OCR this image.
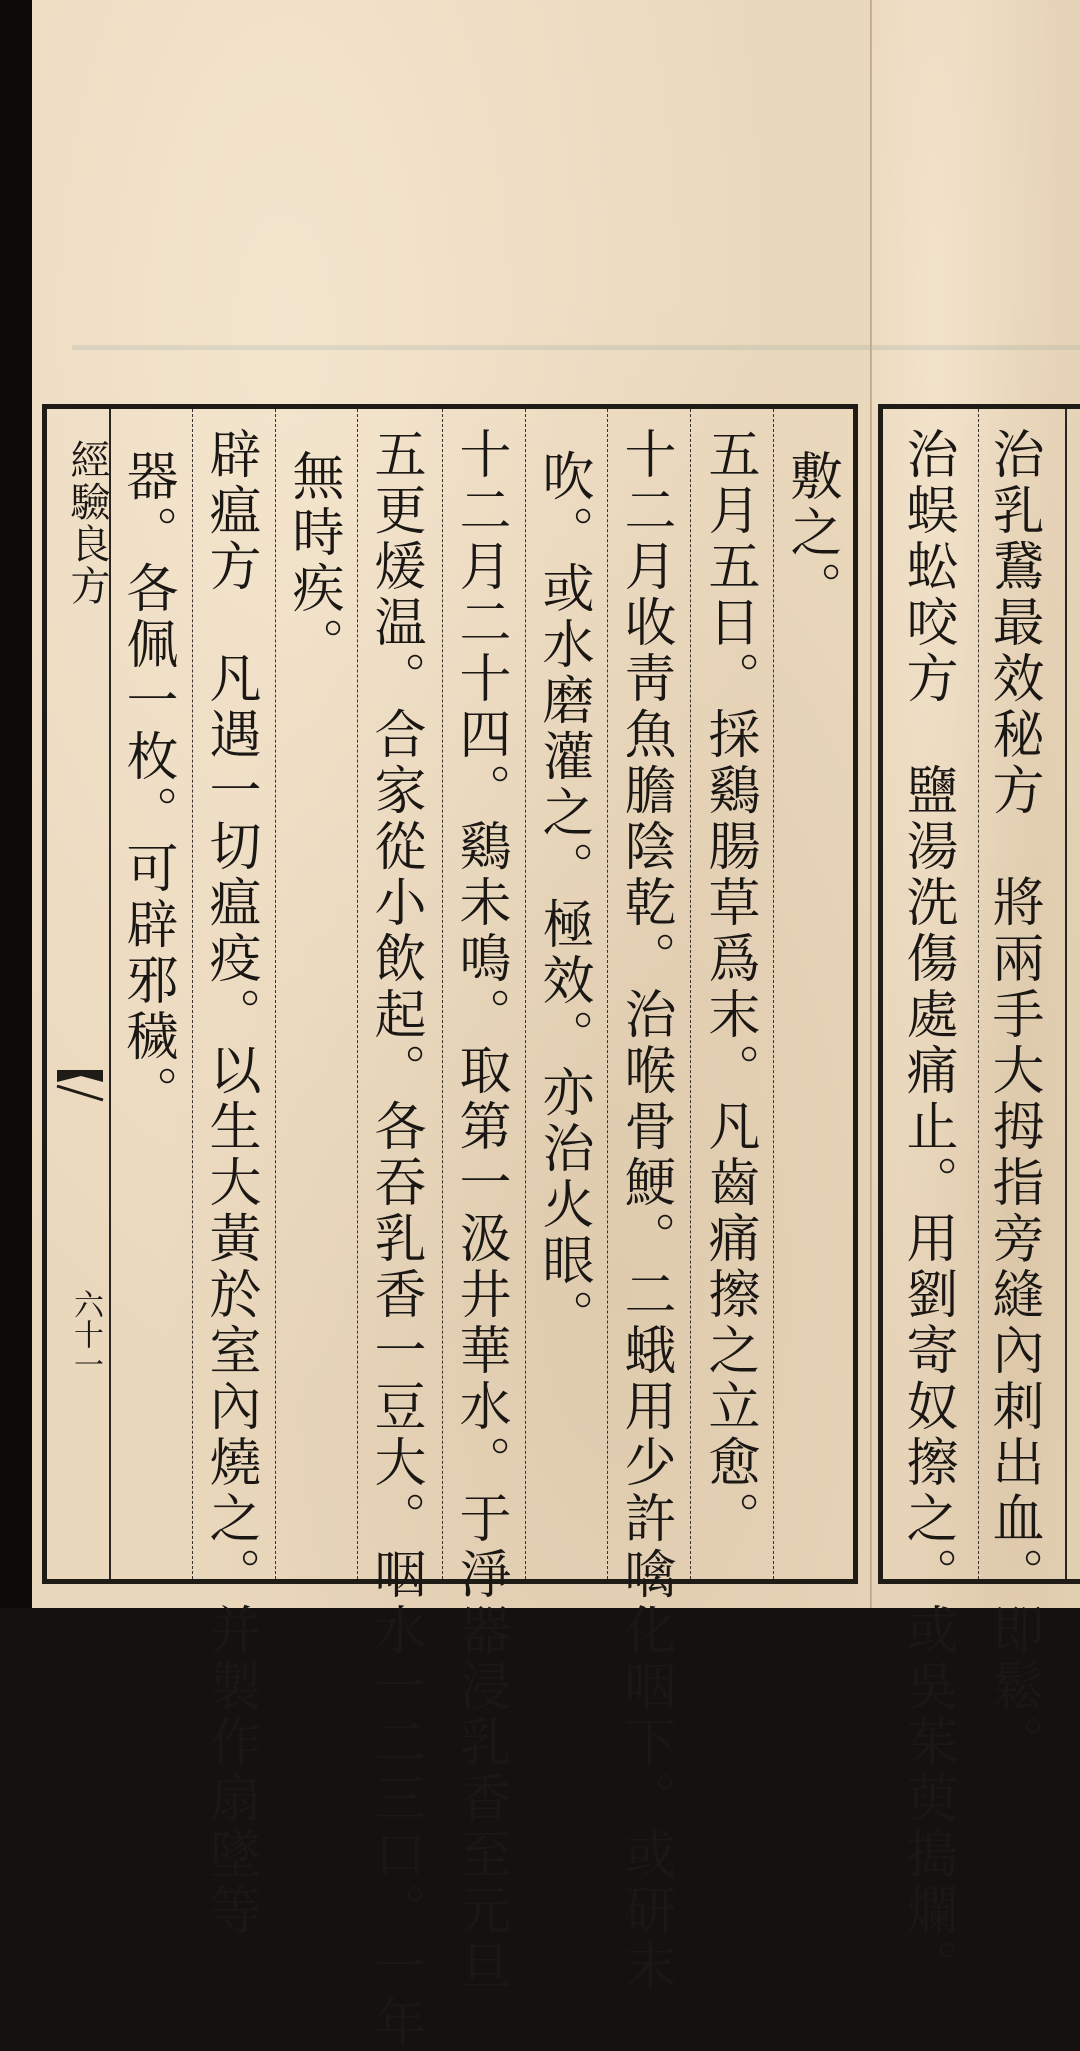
敷之。
五月五日。採鷄腸草爲末。凡齒痛擦之立愈。
十二月收靑魚膽陰乾。治喉骨鯁。二蛾用少許噙化咽下。或研末
吹。或水磨灌之。極效。亦治火眼。
十二月二十四。鷄未鳴。取第一汲井華水。于淨器浸乳香至元旦
五更煖温。合家從小飲起。各吞乳香一豆大。咽水一二三口。一年
無時疾。
辟瘟方　凡遇一切瘟疫。以生大黃於室內燒之。并製作扇墜等
器。各佩一枚。可辟邪穢。
經驗良方
六十一	治乳鵞最效秘方　將兩手大拇指旁縫內刺出血。即鬆。
治蜈蚣咬方　鹽湯洗傷處痛止。用劉寄奴擦之。或吳茱萸搗爛。
